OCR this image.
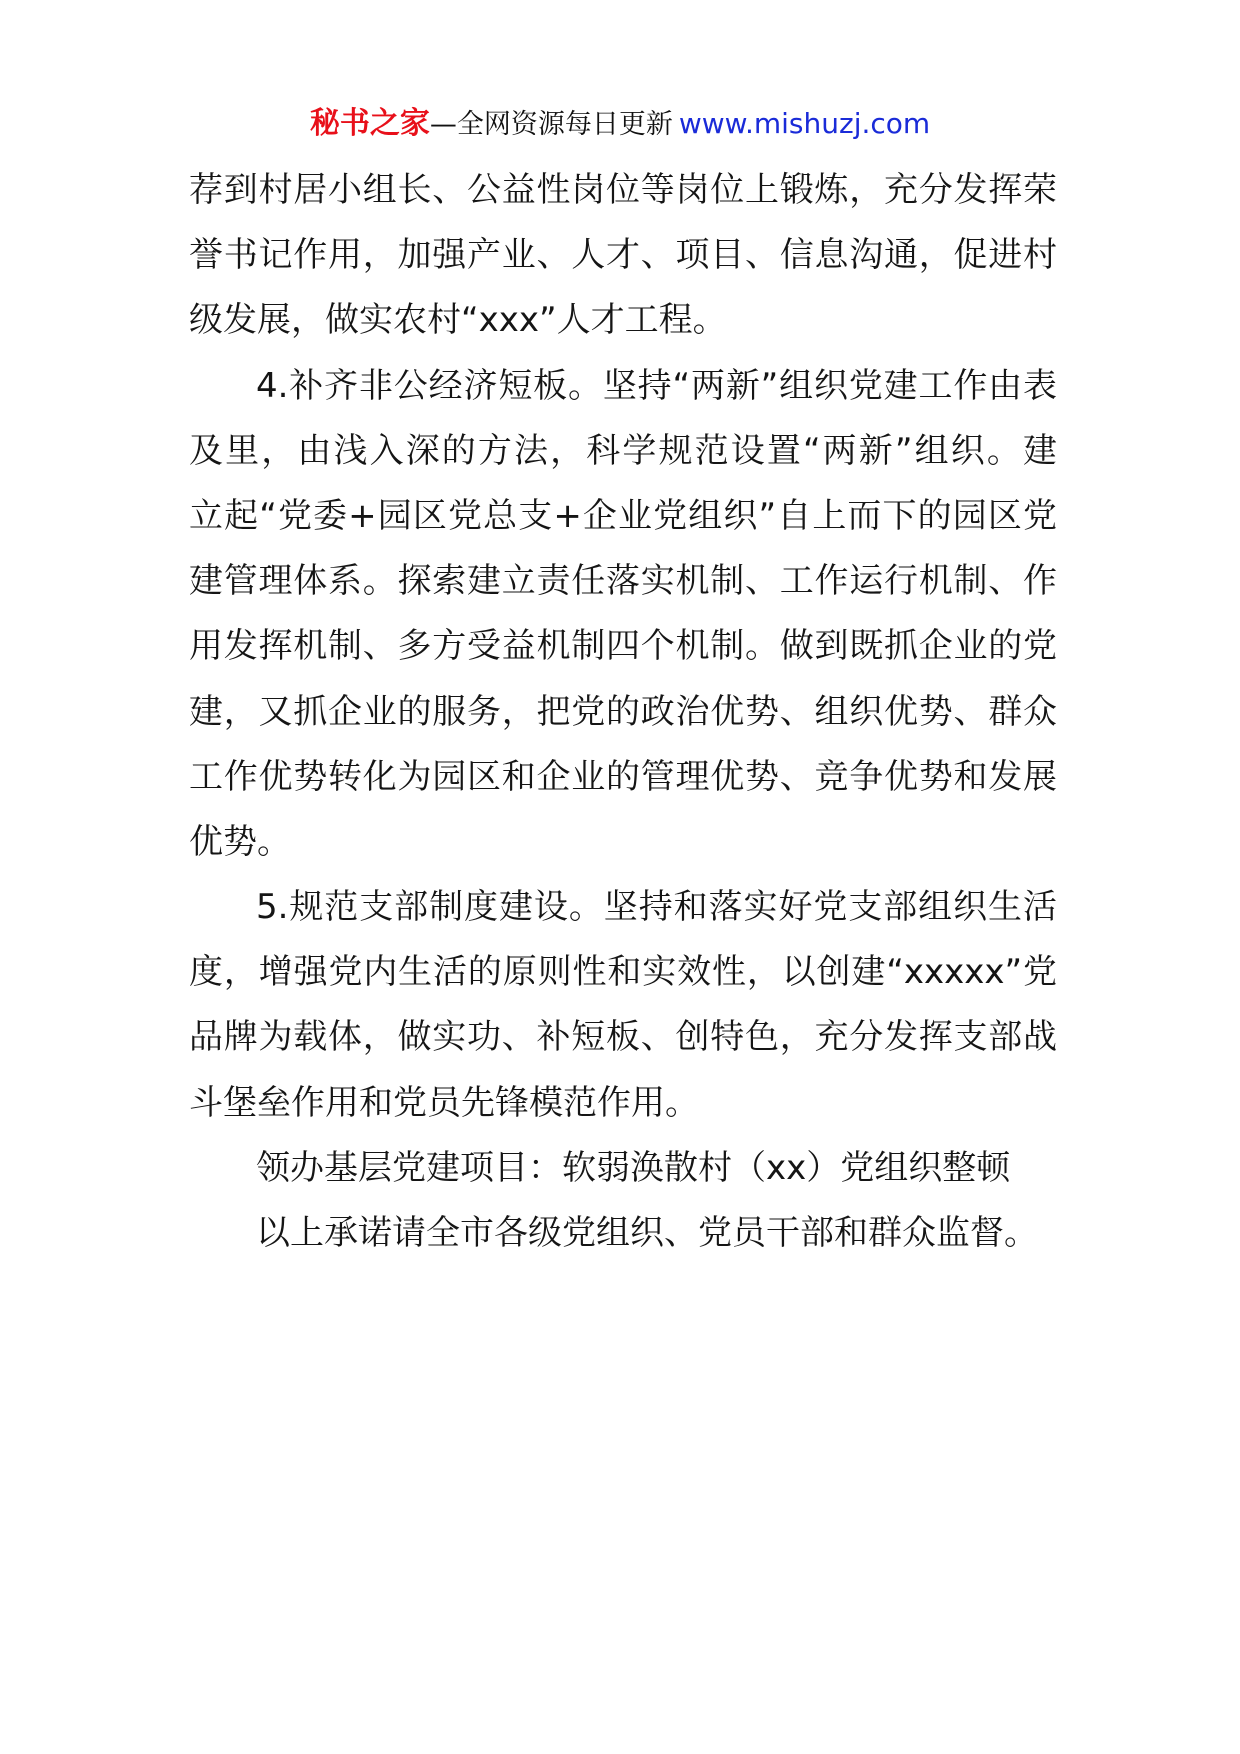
秘书之家—全网资源每日更新 www.mishuzj.com
荐到村居小组长、公益性岗位等岗位上锻炼，充分发挥荣
誉书记作用，加强产业、人才、项目、信息沟通，促进村
级发展，做实农村“xxx”人才工程。
4.补齐非公经济短板。坚持“两新”组织党建工作由表
及里，由浅入深的方法，科学规范设置“两新”组织。建
立起“党委+园区党总支+企业党组织”自上而下的园区党
建管理体系。探索建立责任落实机制、工作运行机制、作
用发挥机制、多方受益机制四个机制。做到既抓企业的党
建，又抓企业的服务，把党的政治优势、组织优势、群众
工作优势转化为园区和企业的管理优势、竞争优势和发展
优势。
5.规范支部制度建设。坚持和落实好党支部组织生活
度，增强党内生活的原则性和实效性，以创建“xxxxx”党
品牌为载体，做实功、补短板、创特色，充分发挥支部战
斗堡垒作用和党员先锋模范作用。
领办基层党建项目：软弱涣散村（xx）党组织整顿
以上承诺请全市各级党组织、党员干部和群众监督。
